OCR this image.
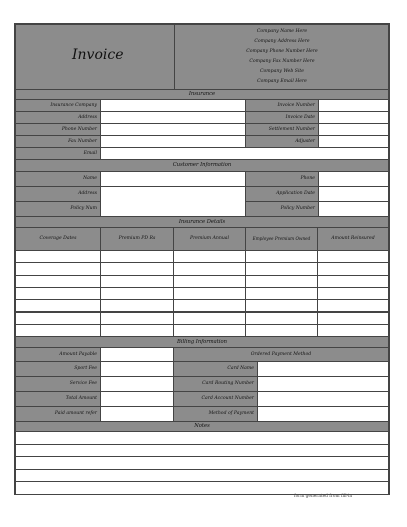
Invoice
Company Name Here
Company Address Here
Company Phone Number Here
Company Fax Number Here
Company Web Site
Company Email Here
Insurance
Insurance Company	Invoice Number
Address	Invoice Date
Phone Number	Settlement Number
Fax Number	Adjuster
Email
Customer Information
Name	Phone
Address	Application Date
Policy Num	Policy Number
Insurance Details
Coverage Dates	Premium PD Rs	Premium Annual	Employee Premium Owned	Amount Reinsured
Billing Information
Amount Payable	Ordered Payment Method
Sport Fee	Card Name
Service Fee	Card Routing Number
Total Amount	Card Account Number
Paid amount refer	Method of Payment
Notes
form generated from fill-in
